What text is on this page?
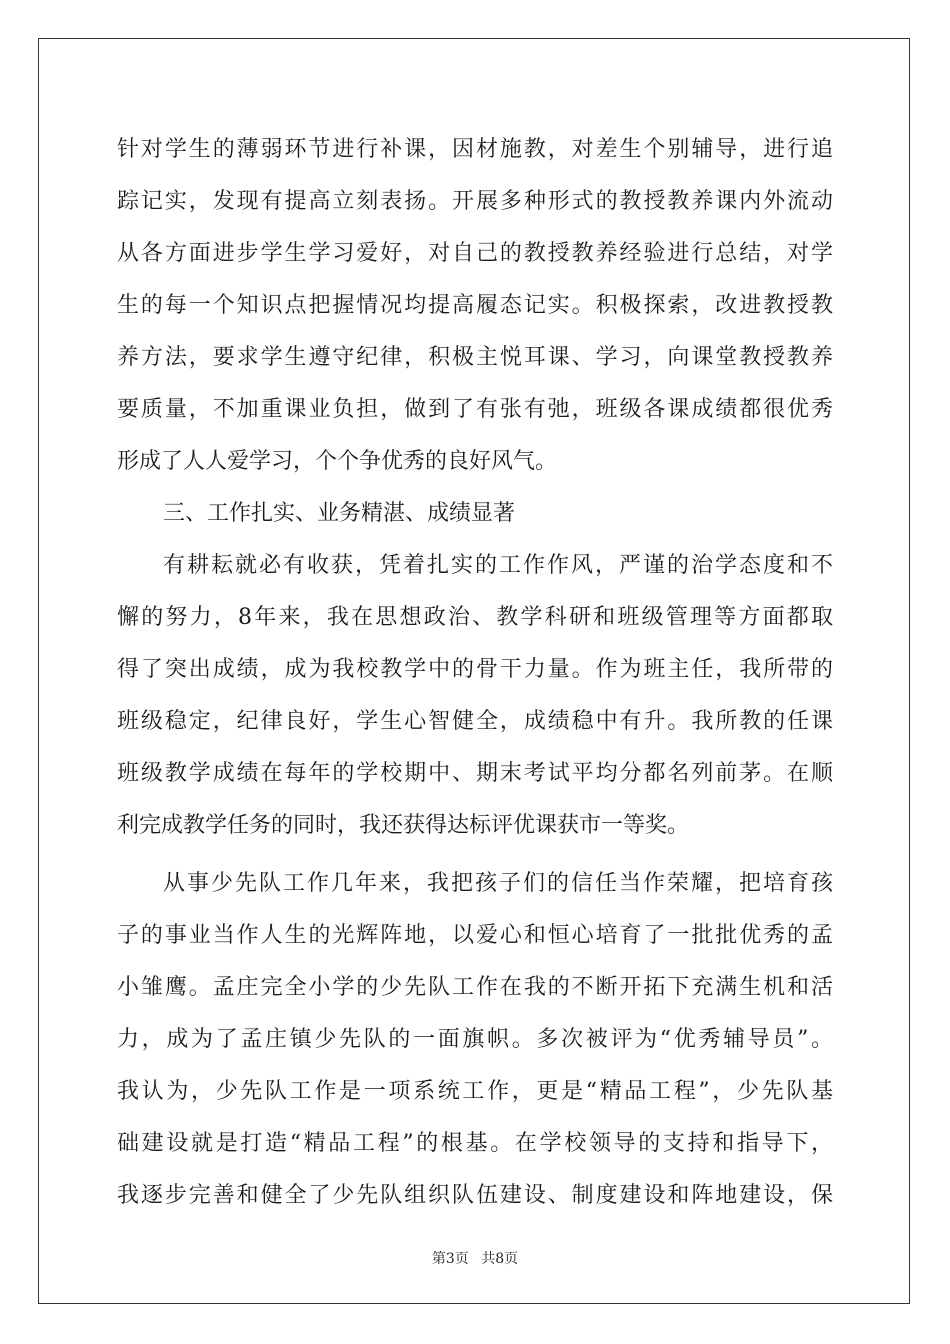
针对学生的薄弱环节进行补课，因材施教，对差生个别辅导，进行追
踪记实，发现有提高立刻表扬。开展多种形式的教授教养课内外流动
从各方面进步学生学习爱好，对自己的教授教养经验进行总结，对学
生的每一个知识点把握情况均提高履态记实。积极探索，改进教授教
养方法，要求学生遵守纪律，积极主悦耳课、学习，向课堂教授教养
要质量，不加重课业负担，做到了有张有弛，班级各课成绩都很优秀
形成了人人爱学习，个个争优秀的良好风气。
三、工作扎实、业务精湛、成绩显著
有耕耘就必有收获，凭着扎实的工作作风，严谨的治学态度和不
懈的努力，8年来，我在思想政治、教学科研和班级管理等方面都取
得了突出成绩，成为我校教学中的骨干力量。作为班主任，我所带的
班级稳定，纪律良好，学生心智健全，成绩稳中有升。我所教的任课
班级教学成绩在每年的学校期中、期末考试平均分都名列前茅。在顺
利完成教学任务的同时，我还获得达标评优课获市一等奖。
从事少先队工作几年来，我把孩子们的信任当作荣耀，把培育孩
子的事业当作人生的光辉阵地，以爱心和恒心培育了一批批优秀的孟
小雏鹰。孟庄完全小学的少先队工作在我的不断开拓下充满生机和活
力，成为了孟庄镇少先队的一面旗帜。多次被评为“优秀辅导员”。
我认为，少先队工作是一项系统工作，更是“精品工程”，少先队基
础建设就是打造“精品工程”的根基。在学校领导的支持和指导下，
我逐步完善和健全了少先队组织队伍建设、制度建设和阵地建设，保
第3页 共8页
